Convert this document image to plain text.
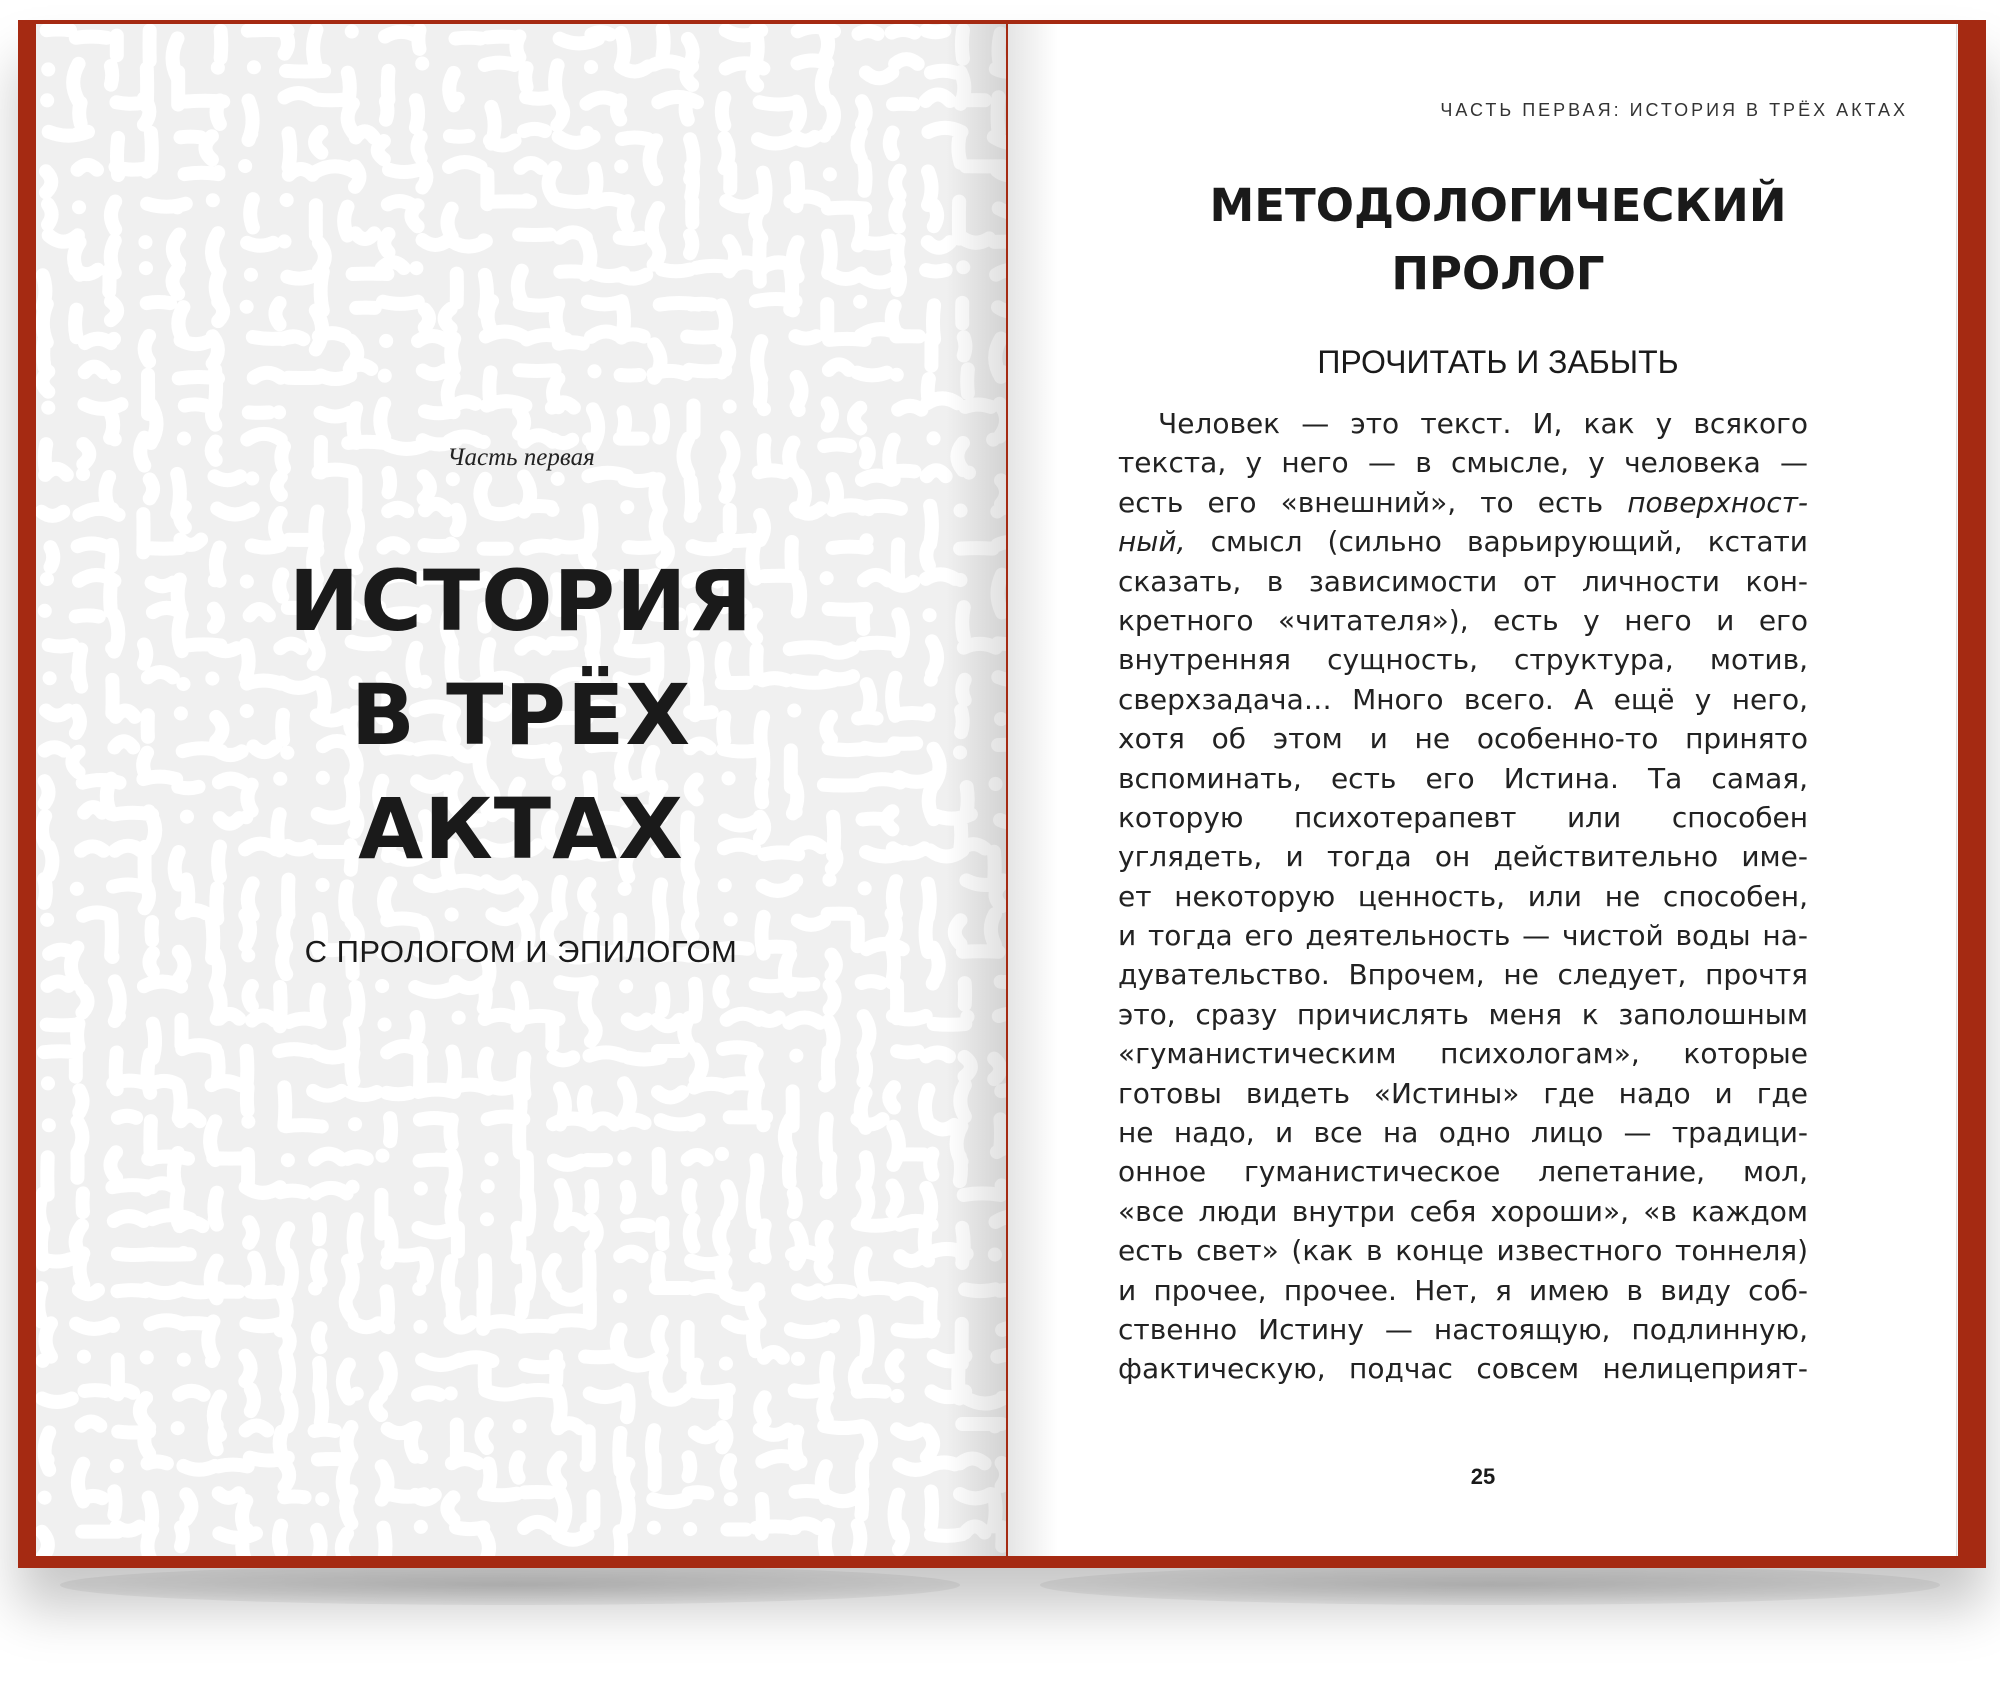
Часть первая
ИСТОРИЯ
В ТРЁХ
АКТАХ
С ПРОЛОГОМ И ЭПИЛОГОМ
ЧАСТЬ ПЕРВАЯ: ИСТОРИЯ В ТРЁХ АКТАХ
МЕТОДОЛОГИЧЕСКИЙ
ПРОЛОГ
ПРОЧИТАТЬ И ЗАБЫТЬ
Человек — это текст. И, как у всякого
текста, у него — в смысле, у человека —
есть его «внешний», то есть поверхност-
ный, смысл (сильно варьирующий, кстати
сказать, в зависимости от личности кон-
кретного «читателя»), есть у него и его
внутренняя сущность, структура, мотив,
сверхзадача… Много всего. А ещё у него,
хотя об этом и не особенно-то принято
вспоминать, есть его Истина. Та самая,
которую психотерапевт или способен
углядеть, и тогда он действительно име-
ет некоторую ценность, или не способен,
и тогда его деятельность — чистой воды на-
дувательство. Впрочем, не следует, прочтя
это, сразу причислять меня к заполошным
«гуманистическим психологам», которые
готовы видеть «Истины» где надо и где
не надо, и все на одно лицо — традици-
онное гуманистическое лепетание, мол,
«все люди внутри себя хороши», «в каждом
есть свет» (как в конце известного тоннеля)
и прочее, прочее. Нет, я имею в виду соб-
ственно Истину — настоящую, подлинную,
фактическую, подчас совсем нелицеприят-
25
